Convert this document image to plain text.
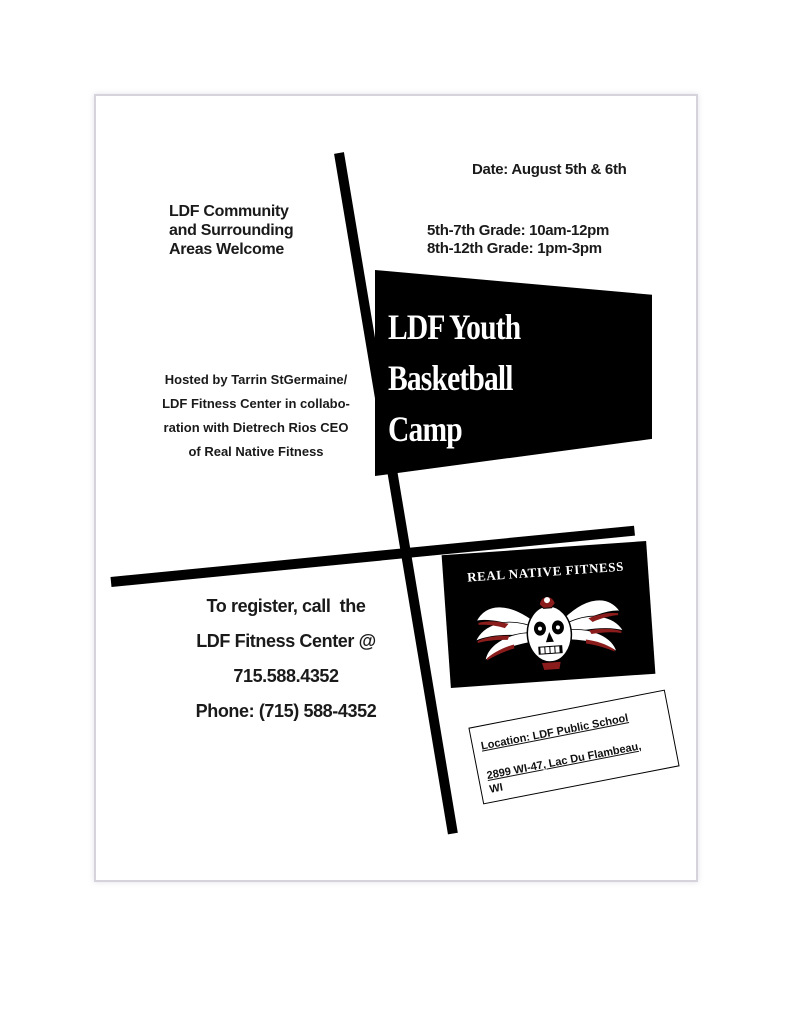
Date: August 5th & 6th
5th-7th Grade: 10am-12pm
8th-12th Grade: 1pm-3pm
LDF Community
and Surrounding
Areas Welcome
LDF Youth
Basketball
Camp
Hosted by Tarrin StGermaine/
LDF Fitness Center in collabo-
ration with Dietrech Rios CEO
of Real Native Fitness
To register, call  the
LDF Fitness Center @
715.588.4352
Phone: (715) 588-4352
REAL NATIVE FITNESS
Location: LDF Public School
2899 WI-47, Lac Du Flambeau,
WI
